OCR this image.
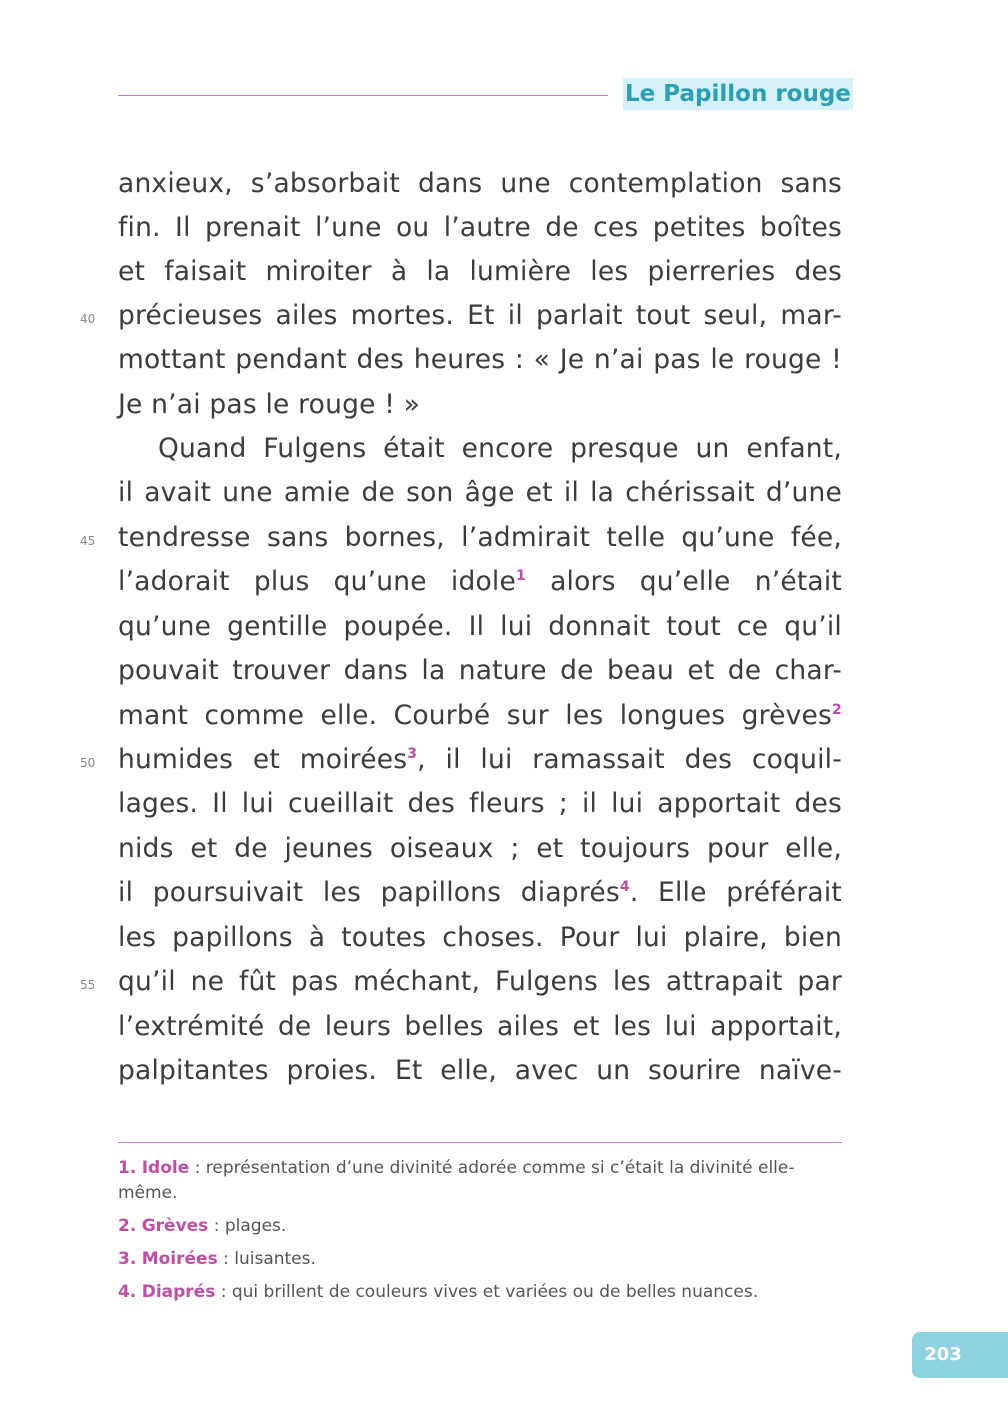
Le Papillon rouge
anxieux, s’absorbait dans une contemplation sans
fin. Il prenait l’une ou l’autre de ces petites boîtes
et faisait miroiter à la lumière les pierreries des
précieuses ailes mortes. Et il parlait tout seul, mar-
mottant pendant des heures : « Je n’ai pas le rouge !
Je n’ai pas le rouge ! »
Quand Fulgens était encore presque un enfant,
il avait une amie de son âge et il la chérissait d’une
tendresse sans bornes, l’admirait telle qu’une fée,
l’adorait plus qu’une idole$^1$ alors qu’elle n’était
qu’une gentille poupée. Il lui donnait tout ce qu’il
pouvait trouver dans la nature de beau et de char-
mant comme elle. Courbé sur les longues grèves$^2$
humides et moirées$^3$, il lui ramassait des coquil-
lages. Il lui cueillait des fleurs ; il lui apportait des
nids et de jeunes oiseaux ; et toujours pour elle,
il poursuivait les papillons diaprés$^4$. Elle préférait
les papillons à toutes choses. Pour lui plaire, bien
qu’il ne fût pas méchant, Fulgens les attrapait par
l’extrémité de leurs belles ailes et les lui apportait,
palpitantes proies. Et elle, avec un sourire naïve-
40
45
50
55
1. Idole : représentation d’une divinité adorée comme si c’était la divinité elle-même.
2. Grèves : plages.
3. Moirées : luisantes.
4. Diaprés : qui brillent de couleurs vives et variées ou de belles nuances.
203
